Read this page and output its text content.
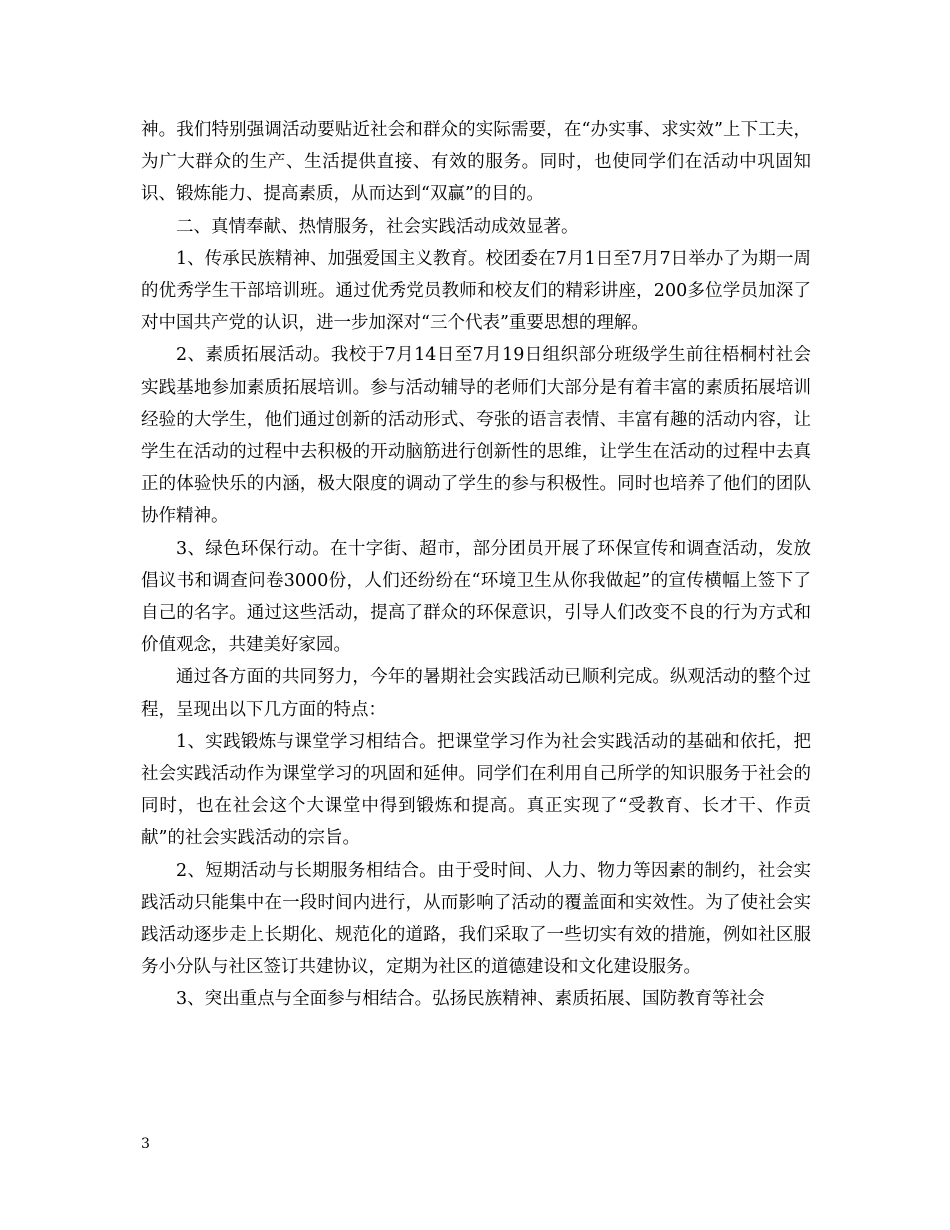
神。我们特别强调活动要贴近社会和群众的实际需要，在“办实事、求实效”上下工夫，为广大群众的生产、生活提供直接、有效的服务。同时，也使同学们在活动中巩固知识、锻炼能力、提高素质，从而达到“双赢”的目的。

二、真情奉献、热情服务，社会实践活动成效显著。

1、传承民族精神、加强爱国主义教育。校团委在7月1日至7月7日举办了为期一周的优秀学生干部培训班。通过优秀党员教师和校友们的精彩讲座，200多位学员加深了对中国共产党的认识，进一步加深对“三个代表”重要思想的理解。

2、素质拓展活动。我校于7月14日至7月19日组织部分班级学生前往梧桐村社会实践基地参加素质拓展培训。参与活动辅导的老师们大部分是有着丰富的素质拓展培训经验的大学生，他们通过创新的活动形式、夸张的语言表情、丰富有趣的活动内容，让学生在活动的过程中去积极的开动脑筋进行创新性的思维，让学生在活动的过程中去真正的体验快乐的内涵，极大限度的调动了学生的参与积极性。同时也培养了他们的团队协作精神。

3、绿色环保行动。在十字街、超市，部分团员开展了环保宣传和调查活动，发放倡议书和调查问卷3000份，人们还纷纷在“环境卫生从你我做起”的宣传横幅上签下了自己的名字。通过这些活动，提高了群众的环保意识，引导人们改变不良的行为方式和价值观念，共建美好家园。

通过各方面的共同努力，今年的暑期社会实践活动已顺利完成。纵观活动的整个过程，呈现出以下几方面的特点：

1、实践锻炼与课堂学习相结合。把课堂学习作为社会实践活动的基础和依托，把社会实践活动作为课堂学习的巩固和延伸。同学们在利用自己所学的知识服务于社会的同时，也在社会这个大课堂中得到锻炼和提高。真正实现了“受教育、长才干、作贡献”的社会实践活动的宗旨。

2、短期活动与长期服务相结合。由于受时间、人力、物力等因素的制约，社会实践活动只能集中在一段时间内进行，从而影响了活动的覆盖面和实效性。为了使社会实践活动逐步走上长期化、规范化的道路，我们采取了一些切实有效的措施，例如社区服务小分队与社区签订共建协议，定期为社区的道德建设和文化建设服务。

3、突出重点与全面参与相结合。弘扬民族精神、素质拓展、国防教育等社会

3
